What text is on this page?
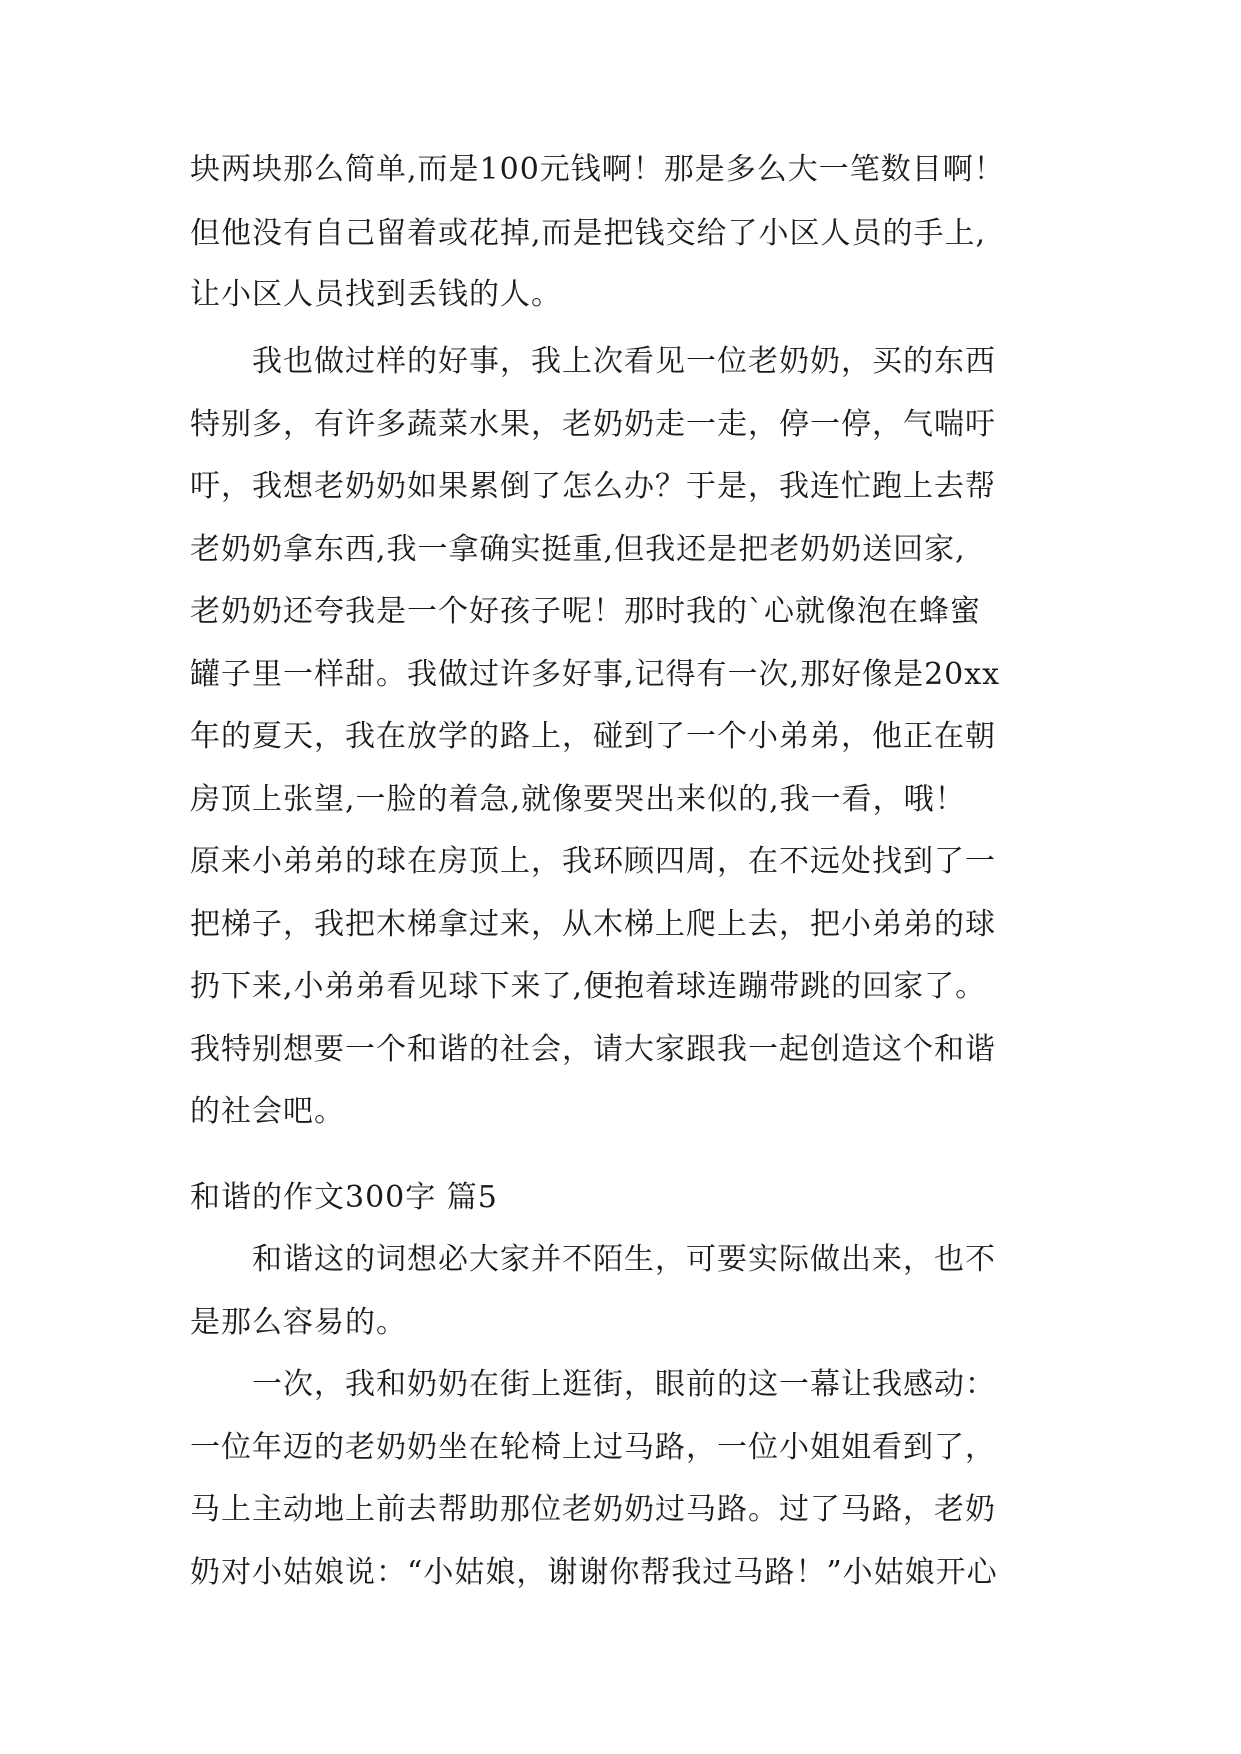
块两块那么简单,而是100元钱啊！那是多么大一笔数目啊！
但他没有自己留着或花掉,而是把钱交给了小区人员的手上,
让小区人员找到丢钱的人。
我也做过样的好事，我上次看见一位老奶奶，买的东西
特别多，有许多蔬菜水果，老奶奶走一走，停一停，气喘吁
吁，我想老奶奶如果累倒了怎么办？于是，我连忙跑上去帮
老奶奶拿东西,我一拿确实挺重,但我还是把老奶奶送回家,
老奶奶还夸我是一个好孩子呢！那时我的`心就像泡在蜂蜜
罐子里一样甜。我做过许多好事,记得有一次,那好像是20xx
年的夏天，我在放学的路上，碰到了一个小弟弟，他正在朝
房顶上张望,一脸的着急,就像要哭出来似的,我一看，哦！
原来小弟弟的球在房顶上，我环顾四周，在不远处找到了一
把梯子，我把木梯拿过来，从木梯上爬上去，把小弟弟的球
扔下来,小弟弟看见球下来了,便抱着球连蹦带跳的回家了。
我特别想要一个和谐的社会，请大家跟我一起创造这个和谐
的社会吧。
和谐的作文300字 篇5
和谐这的词想必大家并不陌生，可要实际做出来，也不
是那么容易的。
一次，我和奶奶在街上逛街，眼前的这一幕让我感动：
一位年迈的老奶奶坐在轮椅上过马路，一位小姐姐看到了，
马上主动地上前去帮助那位老奶奶过马路。过了马路，老奶
奶对小姑娘说：“小姑娘，谢谢你帮我过马路！”小姑娘开心
